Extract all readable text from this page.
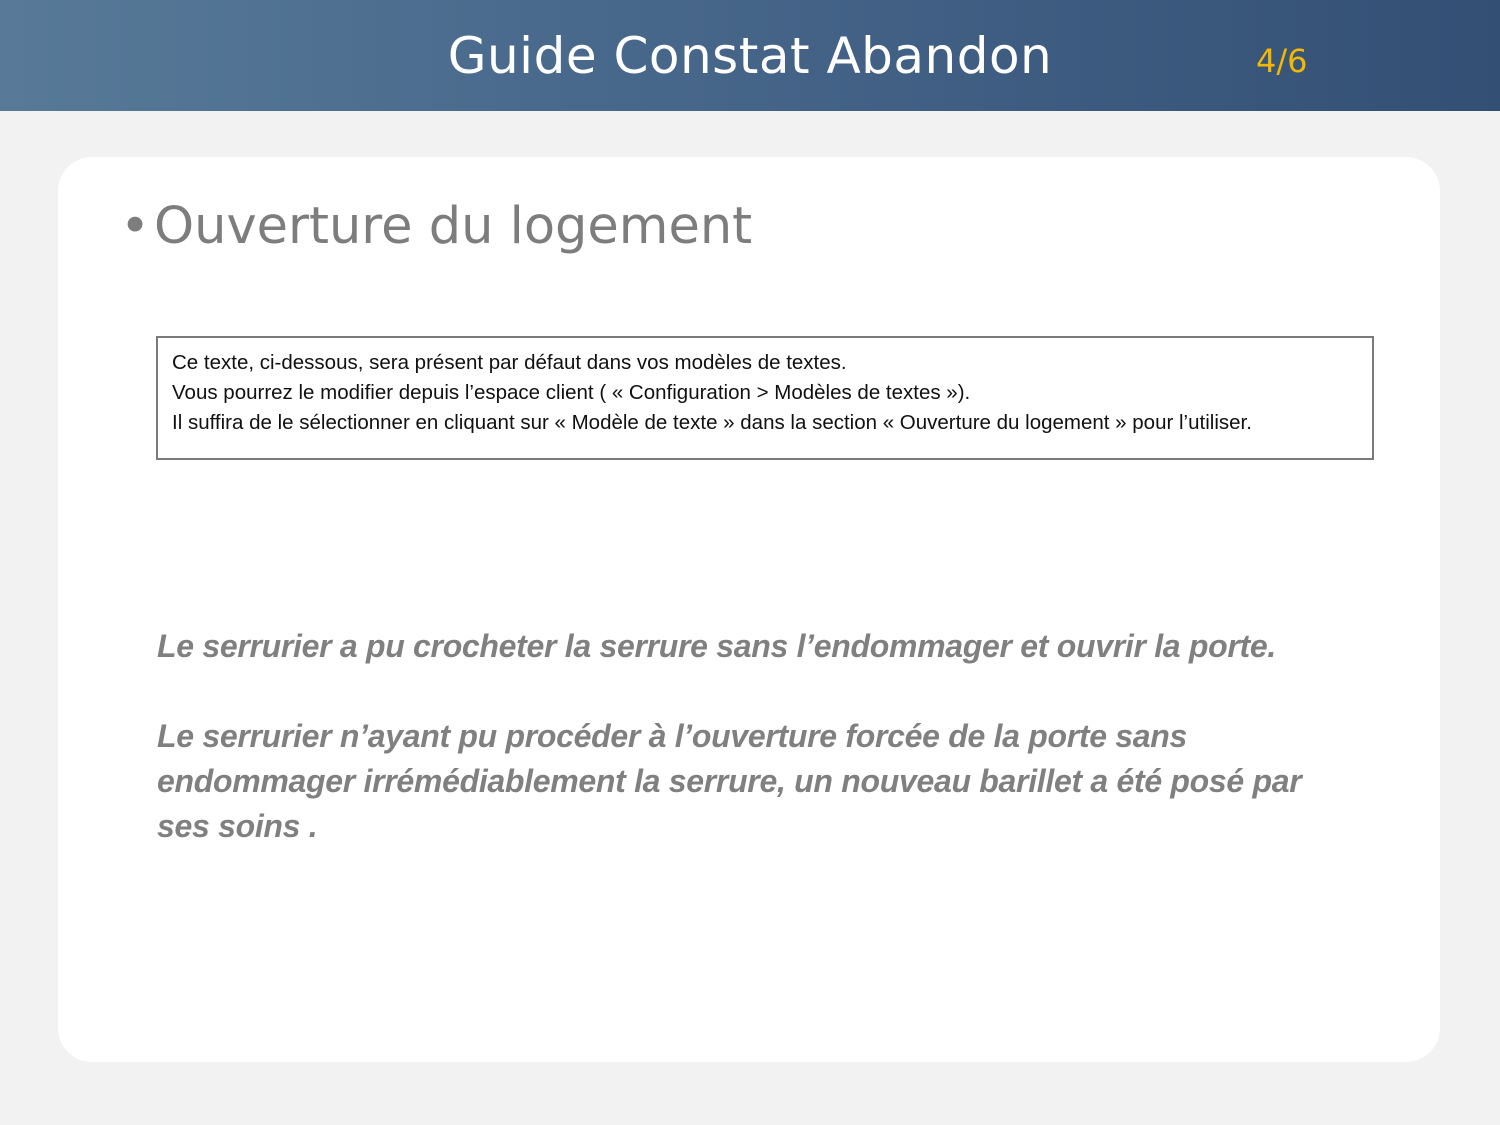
Guide Constat Abandon	4/6
•Ouverture du logement
Ce texte, ci-dessous, sera présent par défaut dans vos modèles de textes.
Vous pourrez le modifier depuis l’espace client ( « Configuration > Modèles de textes »).
Il suffira de le sélectionner en cliquant sur « Modèle de texte » dans la section « Ouverture du logement » pour l’utiliser.
Le serrurier a pu crocheter la serrure sans l’endommager et ouvrir la porte.
Le serrurier n’ayant pu procéder à l’ouverture forcée de la porte sans endommager irrémédiablement la serrure, un nouveau barillet a été posé par ses soins .
